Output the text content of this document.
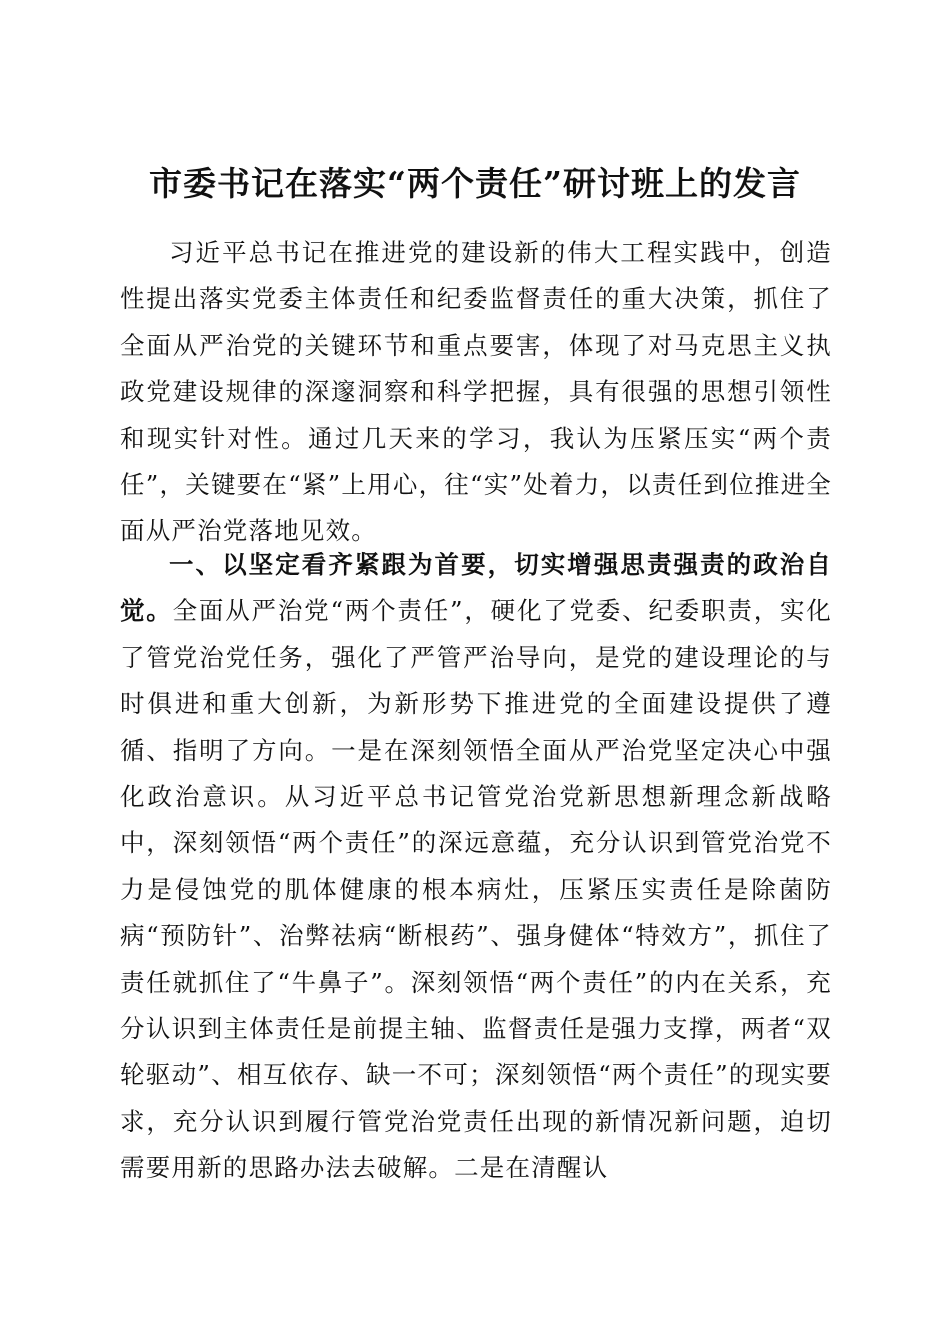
市委书记在落实“两个责任”研讨班上的发言

习近平总书记在推进党的建设新的伟大工程实践中，创造性提出落实党委主体责任和纪委监督责任的重大决策，抓住了全面从严治党的关键环节和重点要害，体现了对马克思主义执政党建设规律的深邃洞察和科学把握，具有很强的思想引领性和现实针对性。通过几天来的学习，我认为压紧压实“两个责任”，关键要在“紧”上用心，往“实”处着力，以责任到位推进全面从严治党落地见效。

一、以坚定看齐紧跟为首要，切实增强思责强责的政治自觉。全面从严治党“两个责任”，硬化了党委、纪委职责，实化了管党治党任务，强化了严管严治导向，是党的建设理论的与时俱进和重大创新，为新形势下推进党的全面建设提供了遵循、指明了方向。一是在深刻领悟全面从严治党坚定决心中强化政治意识。从习近平总书记管党治党新思想新理念新战略中，深刻领悟“两个责任”的深远意蕴，充分认识到管党治党不力是侵蚀党的肌体健康的根本病灶，压紧压实责任是除菌防病“预防针”、治弊祛病“断根药”、强身健体“特效方”，抓住了责任就抓住了“牛鼻子”。深刻领悟“两个责任”的内在关系，充分认识到主体责任是前提主轴、监督责任是强力支撑，两者“双轮驱动”、相互依存、缺一不可；深刻领悟“两个责任”的现实要求，充分认识到履行管党治党责任出现的新情况新问题，迫切需要用新的思路办法去破解。二是在清醒认
